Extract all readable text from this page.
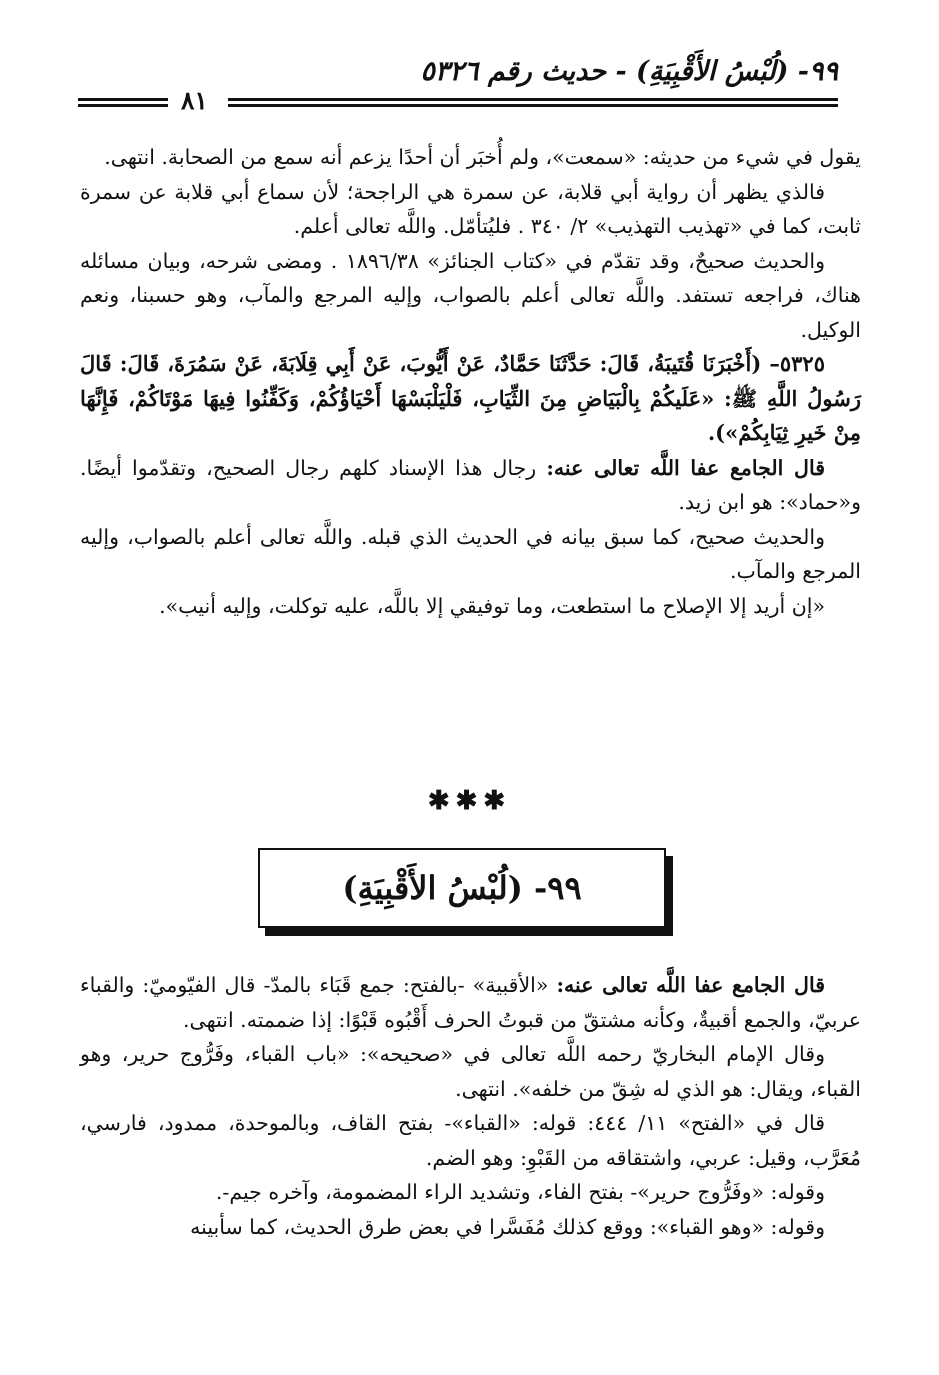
٩٩- (لُبْسُ الأَقْبِيَةِ) - حديث رقم ٥٣٢٦
٨١

يقول في شيء من حديثه: «سمعت»، ولم أُخبَر أن أحدًا يزعم أنه سمع من الصحابة. انتهى.

فالذي يظهر أن رواية أبي قلابة، عن سمرة هي الراجحة؛ لأن سماع أبي قلابة عن سمرة ثابت، كما في «تهذيب التهذيب» ٢/ ٣٤٠ . فليُتأمّل. واللَّه تعالى أعلم.

والحديث صحيحٌ، وقد تقدّم في «كتاب الجنائز» ١٨٩٦/٣٨ . ومضى شرحه، وبيان مسائله هناك، فراجعه تستفد. واللَّه تعالى أعلم بالصواب، وإليه المرجع والمآب، وهو حسبنا، ونعم الوكيل.

٥٣٢٥– (أَخْبَرَنَا قُتَيبَةُ، قَالَ: حَدَّثَنَا حَمَّادٌ، عَنْ أَيُّوبَ، عَنْ أَبِي قِلَابَةَ، عَنْ سَمُرَةَ، قَالَ: قَالَ رَسُولُ اللَّهِ ﷺ: «عَلَيكُمْ بِالْبَيَاضِ مِنَ الثِّيَابِ، فَلْيَلْبَسْهَا أَحْيَاؤُكُمْ، وَكَفِّنُوا فِيهَا مَوْتَاكُمْ، فَإِنَّهَا مِنْ خَيرِ ثِيَابِكُمْ»).

قال الجامع عفا اللَّه تعالى عنه: رجال هذا الإسناد كلهم رجال الصحيح، وتقدّموا أيضًا. و«حماد»: هو ابن زيد.

والحديث صحيح، كما سبق بيانه في الحديث الذي قبله. واللَّه تعالى أعلم بالصواب، وإليه المرجع والمآب.

«إن أريد إلا الإصلاح ما استطعت، وما توفيقي إلا باللَّه، عليه توكلت، وإليه أنيب».

✱✱✱
٩٩- (لُبْسُ الأَقْبِيَةِ)

قال الجامع عفا اللَّه تعالى عنه: «الأقبية» -بالفتح: جمع قَبَاء بالمدّ- قال الفيّوميّ: والقباء عربيّ، والجمع أقبيةٌ، وكأنه مشتقّ من قبوتُ الحرف أَقْبُوه قَبْوًا: إذا ضممته. انتهى.

وقال الإمام البخاريّ رحمه اللَّه تعالى في «صحيحه»: «باب القباء، وفَرُّوج حرير، وهو القباء، ويقال: هو الذي له شِقّ من خلفه». انتهى.

قال في «الفتح» ١١/ ٤٤٤: قوله: «القباء»- بفتح القاف، وبالموحدة، ممدود، فارسي، مُعَرَّب، وقيل: عربي، واشتقاقه من القَبْوِ: وهو الضم.

وقوله: «وفَرُّوج حرير»- بفتح الفاء، وتشديد الراء المضمومة، وآخره جيم-.

وقوله: «وهو القباء»: ووقع كذلك مُفَسَّرا في بعض طرق الحديث، كما سأبينه
